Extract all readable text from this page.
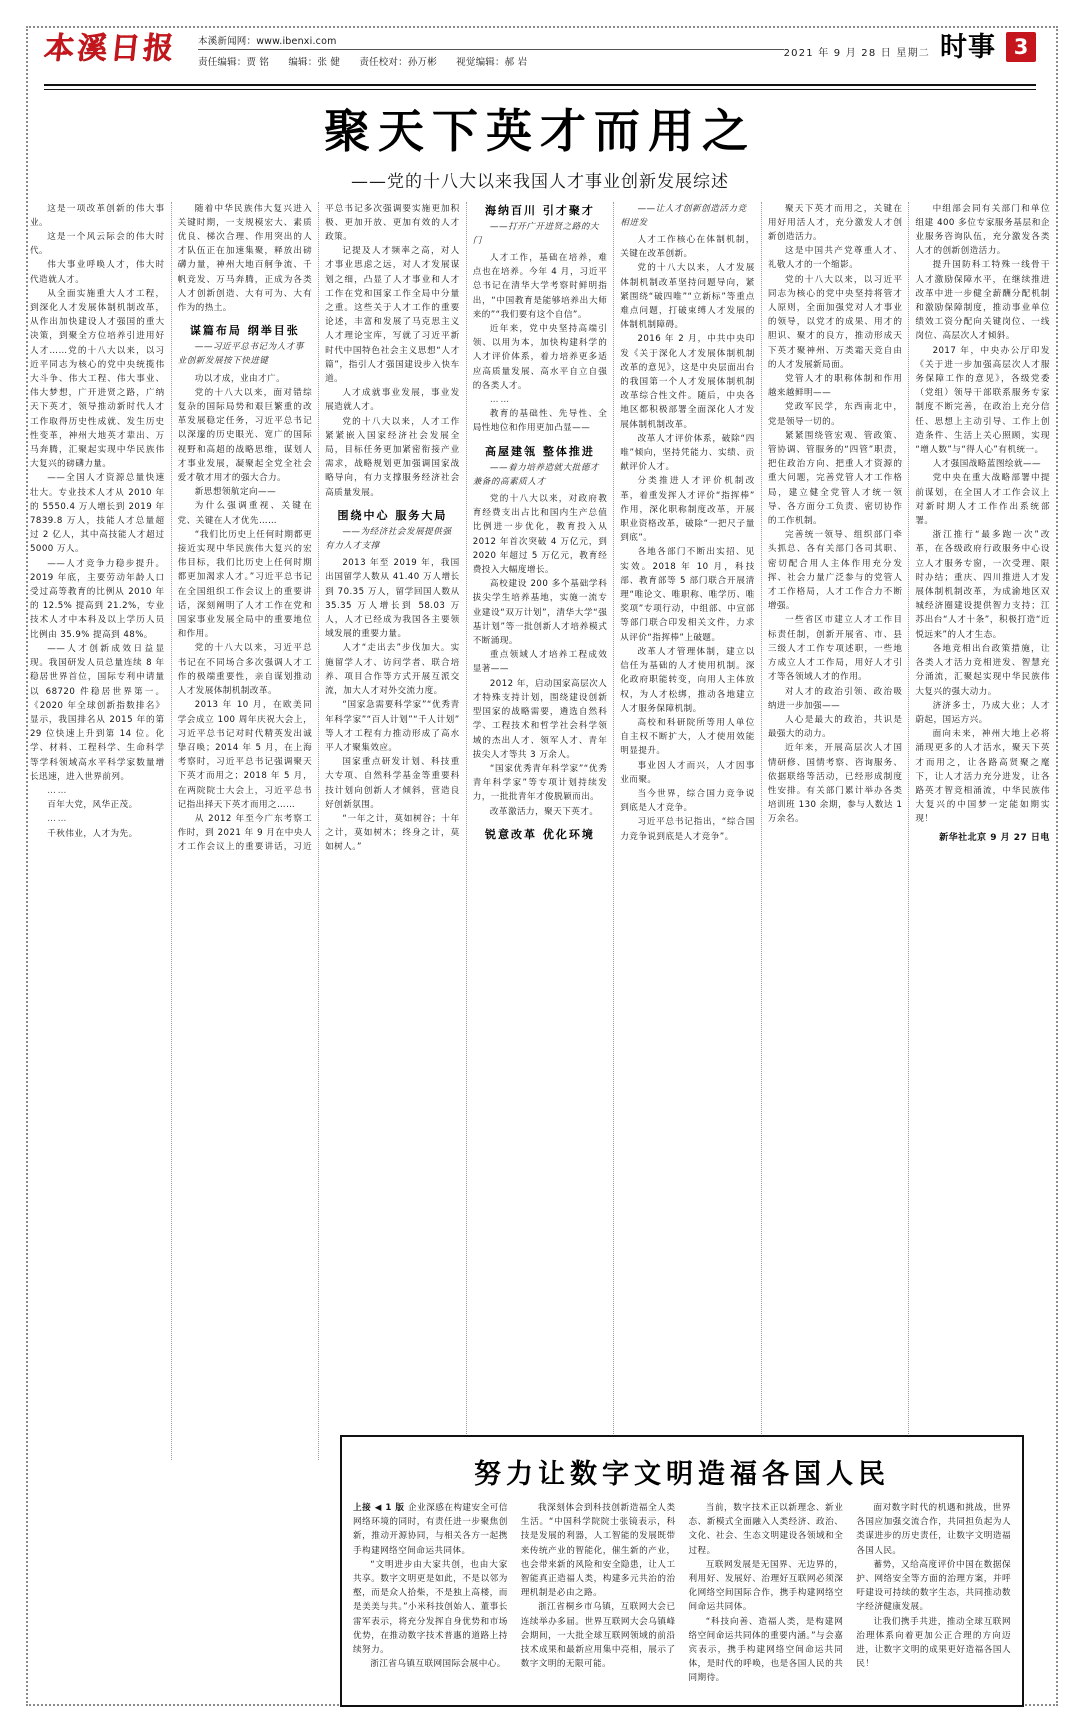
本溪日报	本溪新闻网：www.ibenxi.com
责任编辑：贾 铭 编辑：张 健 责任校对：孙万彬 视觉编辑：郝 岩
2021 年 9 月 28 日 星期二 时事 3
聚天下英才而用之
——党的十八大以来我国人才事业创新发展综述

这是一项改革创新的伟大事业。

这是一个风云际会的伟大时代。

伟大事业呼唤人才，伟大时代造就人才。

从全面实施重大人才工程，到深化人才发展体制机制改革，从作出加快建设人才强国的重大决策，到聚全方位培养引进用好人才……党的十八大以来，以习近平同志为核心的党中央统揽伟大斗争、伟大工程、伟大事业、伟大梦想，广开进贤之路，广纳天下英才，领导推动新时代人才工作取得历史性成就、发生历史性变革，神州大地英才辈出、万马奔腾，汇聚起实现中华民族伟大复兴的磅礴力量。

——全国人才资源总量快速壮大。专业技术人才从 2010 年的 5550.4 万人增长到 2019 年 7839.8 万人，技能人才总量超过 2 亿人，其中高技能人才超过 5000 万人。

——人才竞争力稳步提升。2019 年底，主要劳动年龄人口受过高等教育的比例从 2010 年的 12.5% 提高到 21.2%，专业技术人才中本科及以上学历人员比例由 35.9% 提高到 48%。

——人才创新成效日益显现。我国研发人员总量连续 8 年稳居世界首位，国际专利申请量以 68720 件稳居世界第一。《2020 年全球创新指数排名》显示，我国排名从 2015 年的第 29 位快速上升到第 14 位。化学、材料、工程科学、生命科学等学科领域高水平科学家数量增长迅速，进入世界前列。

……

百年大党，风华正茂。

……

千秋伟业，人才为先。

随着中华民族伟大复兴进入关键时期，一支规模宏大、素质优良、梯次合理、作用突出的人才队伍正在加速集聚，释放出磅礴力量，神州大地百舸争流、千帆竞发、万马奔腾，正成为各类人才创新创造、大有可为、大有作为的热土。

谋篇布局 纲举目张

——习近平总书记为人才事业创新发展按下快进键

功以才成，业由才广。

党的十八大以来，面对错综复杂的国际局势和艰巨繁重的改革发展稳定任务，习近平总书记以深邃的历史眼光、宽广的国际视野和高超的战略思维，谋划人才事业发展，凝聚起全党全社会爱才敬才用才的强大合力。

新思想领航定向——

为什么强调重视、关键在党、关键在人才优先……

“我们比历史上任何时期都更接近实现中华民族伟大复兴的宏伟目标，我们比历史上任何时期都更加渴求人才。”习近平总书记在全国组织工作会议上的重要讲话，深刻阐明了人才工作在党和国家事业发展全局中的重要地位和作用。

党的十八大以来，习近平总书记在不同场合多次强调人才工作的极端重要性，亲自谋划推动人才发展体制机制改革。

2013 年 10 月，在欧美同学会成立 100 周年庆祝大会上，习近平总书记对时代精英发出诚挚召唤；2014 年 5 月，在上海考察时，习近平总书记强调聚天下英才而用之；2018 年 5 月，在两院院士大会上，习近平总书记指出择天下英才而用之……

从 2012 年至今广东考察工作时，到 2021 年 9 月在中央人才工作会议上的重要讲话，习近平总书记多次强调要实施更加积极、更加开放、更加有效的人才政策。

记提及人才频率之高，对人才事业思虑之远，对人才发展谋划之细，凸显了人才事业和人才工作在党和国家工作全局中分量之重。这些关于人才工作的重要论述，丰富和发展了马克思主义人才理论宝库，写就了习近平新时代中国特色社会主义思想“人才篇”，指引人才强国建设步入快车道。

人才成就事业发展，事业发展造就人才。

党的十八大以来，人才工作紧紧嵌入国家经济社会发展全局，目标任务更加紧密衔接产业需求，战略规划更加强调国家战略导向，有力支撑服务经济社会高质量发展。

围绕中心 服务大局

——为经济社会发展提供强有力人才支撑

2013 年至 2019 年，我国出国留学人数从 41.40 万人增长到 70.35 万人，留学回国人数从 35.35 万人增长到 58.03 万人，人才已经成为我国各主要领域发展的重要力量。

人才“走出去”步伐加大。实施留学人才、访问学者、联合培养、项目合作等方式开展互派交流，加大人才对外交流力度。

“国家急需要科学家”“优秀青年科学家”“百人计划”“千人计划”等人才工程有力推动形成了高水平人才聚集效应。

国家重点研发计划、科技重大专项、自然科学基金等重要科技计划向创新人才倾斜，营造良好创新氛围。

“一年之计，莫如树谷；十年之计，莫如树木；终身之计，莫如树人。”

海纳百川 引才聚才

——打开广开进贤之路的大门

人才工作，基础在培养，难点也在培养。今年 4 月，习近平总书记在清华大学考察时鲜明指出，“中国教育是能够培养出大师来的”“我们要有这个自信”。

近年来，党中央坚持高端引领、以用为本，加快构建科学的人才评价体系，着力培养更多适应高质量发展、高水平自立自强的各类人才。

……

教育的基础性、先导性、全局性地位和作用更加凸显——

高屋建瓴 整体推进

——着力培养造就大批德才兼备的高素质人才

党的十八大以来，对政府教育经费支出占比和国内生产总值比例进一步优化，教育投入从 2012 年首次突破 4 万亿元，到 2020 年超过 5 万亿元，教育经费投入大幅度增长。

高校建设 200 多个基础学科拔尖学生培养基地，实施一流专业建设“双万计划”，清华大学“强基计划”等一批创新人才培养模式不断涌现。

重点领域人才培养工程成效显著——

2012 年，启动国家高层次人才特殊支持计划，围绕建设创新型国家的战略需要，遴选自然科学、工程技术和哲学社会科学领域的杰出人才、领军人才、青年拔尖人才等共 3 万余人。

“国家优秀青年科学家”“优秀青年科学家”等专项计划持续发力，一批批青年才俊脱颖而出。

改革激活力，聚天下英才。

锐意改革 优化环境

——让人才创新创造活力竞相迸发

人才工作核心在体制机制，关键在改革创新。

党的十八大以来，人才发展体制机制改革坚持问题导向，紧紧围绕“破四唯”“立新标”等重点难点问题，打破束缚人才发展的体制机制障碍。

2016 年 2 月，中共中央印发《关于深化人才发展体制机制改革的意见》，这是中央层面出台的我国第一个人才发展体制机制改革综合性文件。随后，中央各地区都积极部署全面深化人才发展体制机制改革。

改革人才评价体系，破除“四唯”倾向，坚持凭能力、实绩、贡献评价人才。

分类推进人才评价机制改革，着重发挥人才评价“指挥棒”作用，深化职称制度改革，开展职业资格改革，破除“一把尺子量到底”。

各地各部门不断出实招、见实效。2018 年 10 月，科技部、教育部等 5 部门联合开展清理“唯论文、唯职称、唯学历、唯奖项”专项行动，中组部、中宣部等部门联合印发相关文件，力求从评价“指挥棒”上破题。

改革人才管理体制，建立以信任为基础的人才使用机制。深化政府职能转变，向用人主体放权，为人才松绑，推动各地建立人才服务保障机制。

高校和科研院所等用人单位自主权不断扩大，人才使用效能明显提升。

事业因人才而兴，人才因事业而聚。

当今世界，综合国力竞争说到底是人才竞争。

习近平总书记指出，“综合国力竞争说到底是人才竞争”。

聚天下英才而用之，关键在用好用活人才，充分激发人才创新创造活力。

这是中国共产党尊重人才、礼敬人才的一个缩影。

党的十八大以来，以习近平同志为核心的党中央坚持将管才人原则，全面加强党对人才事业的领导，以党才的成果、用才的胆识、聚才的良方，推动形成天下英才聚神州、万类霜天竞自由的人才发展新局面。

党管人才的职称体制和作用越来越鲜明——

党政军民学，东西南北中，党是领导一切的。

紧紧围绕管宏观、管政策、管协调、管服务的“四管”职责，把住政治方向、把重人才资源的重大问题，完善党管人才工作格局，建立健全党管人才统一领导、各方面分工负责、密切协作的工作机制。

完善统一领导、组织部门牵头抓总、各有关部门各司其职、密切配合用人主体作用充分发挥、社会力量广泛参与的党管人才工作格局，人才工作合力不断增强。

一些省区市建立人才工作目标责任制，创新开展省、市、县三级人才工作专项述职，一些地方成立人才工作局，用好人才引才等各领域人才的作用。

对人才的政治引领、政治吸纳进一步加强——

人心是最大的政治，共识是最强大的动力。

近年来，开展高层次人才国情研修、国情考察、咨询服务、依据联络等活动，已经形成制度性安排。有关部门累计举办各类培训班 130 余期，参与人数达 1 万余名。

中组部会同有关部门和单位组建 400 多位专家服务基层和企业服务咨询队伍，充分激发各类人才的创新创造活力。

提升国防科工特殊一线骨干人才激励保障水平，在继续推进改革中进一步健全薪酬分配机制和激励保障制度，推动事业单位绩效工资分配向关键岗位、一线岗位、高层次人才倾斜。

2017 年，中央办公厅印发《关于进一步加强高层次人才服务保障工作的意见》，各级党委（党组）领导干部联系服务专家制度不断完善，在政治上充分信任、思想上主动引导、工作上创造条件、生活上关心照顾，实现“增人数”与“得人心”有机统一。

人才强国战略蓝图绘就——

党中央在重大战略部署中提前谋划，在全国人才工作会议上对新时期人才工作作出系统部署。

浙江推行“最多跑一次”改革，在各级政府行政服务中心设立人才服务专窗，一次受理、限时办结；重庆、四川推进人才发展体制机制改革，为成渝地区双城经济圈建设提供智力支持；江苏出台“人才十条”，积极打造“近悦远来”的人才生态。

各地竞相出台政策措施，让各类人才活力竞相迸发、智慧充分涌流，汇聚起实现中华民族伟大复兴的强大动力。

济济多士，乃成大业；人才蔚起，国运方兴。

面向未来，神州大地上必将涌现更多的人才活水，聚天下英才而用之，让各路高贤聚之麾下，让人才活力充分进发，让各路英才智竞相涌流，中华民族伟大复兴的中国梦一定能如期实现！

新华社北京 9 月 27 日电
努力让数字文明造福各国人民

上接 ◀ 1 版 企业深感在构建安全可信网络环境的同时，有责任进一步聚焦创新，推动开源协同，与相关各方一起携手构建网络空间命运共同体。

“文明进步由大家共创，也由大家共享。数字文明更是如此，不是以邻为壑，而是众人拾柴，不是独上高楼，而是美美与共。”小米科技创始人、董事长雷军表示，将充分发挥自身优势和市场优势，在推动数字技术普惠的道路上持续努力。

浙江省乌镇互联网国际会展中心。

我深刻体会到科技创新造福全人类生活。“中国科学院院士张镜表示，科技是发展的利器，人工智能的发展既带来传统产业的智能化，催生新的产业，也会带来新的风险和安全隐患，让人工智能真正造福人类，构建多元共治的治理机制是必由之路。

浙江省桐乡市乌镇，互联网大会已连续举办多届。世界互联网大会乌镇峰会期间，一大批全球互联网领域的前沿技术成果和最新应用集中亮相，展示了数字文明的无限可能。

当前，数字技术正以新理念、新业态、新模式全面融入人类经济、政治、文化、社会、生态文明建设各领域和全过程。

互联网发展是无国界、无边界的，利用好、发展好、治理好互联网必须深化网络空间国际合作，携手构建网络空间命运共同体。

“科技向善、造福人类，是构建网络空间命运共同体的重要内涵。”与会嘉宾表示，携手构建网络空间命运共同体，是时代的呼唤，也是各国人民的共同期待。

面对数字时代的机遇和挑战，世界各国应加强交流合作，共同担负起为人类谋进步的历史责任，让数字文明造福各国人民。

蓄势，又给高度评价中国在数据保护、网络安全等方面的治理方案，并呼吁建设可持续的数字生态，共同推动数字经济健康发展。

让我们携手共进，推动全球互联网治理体系向着更加公正合理的方向迈进，让数字文明的成果更好造福各国人民！
